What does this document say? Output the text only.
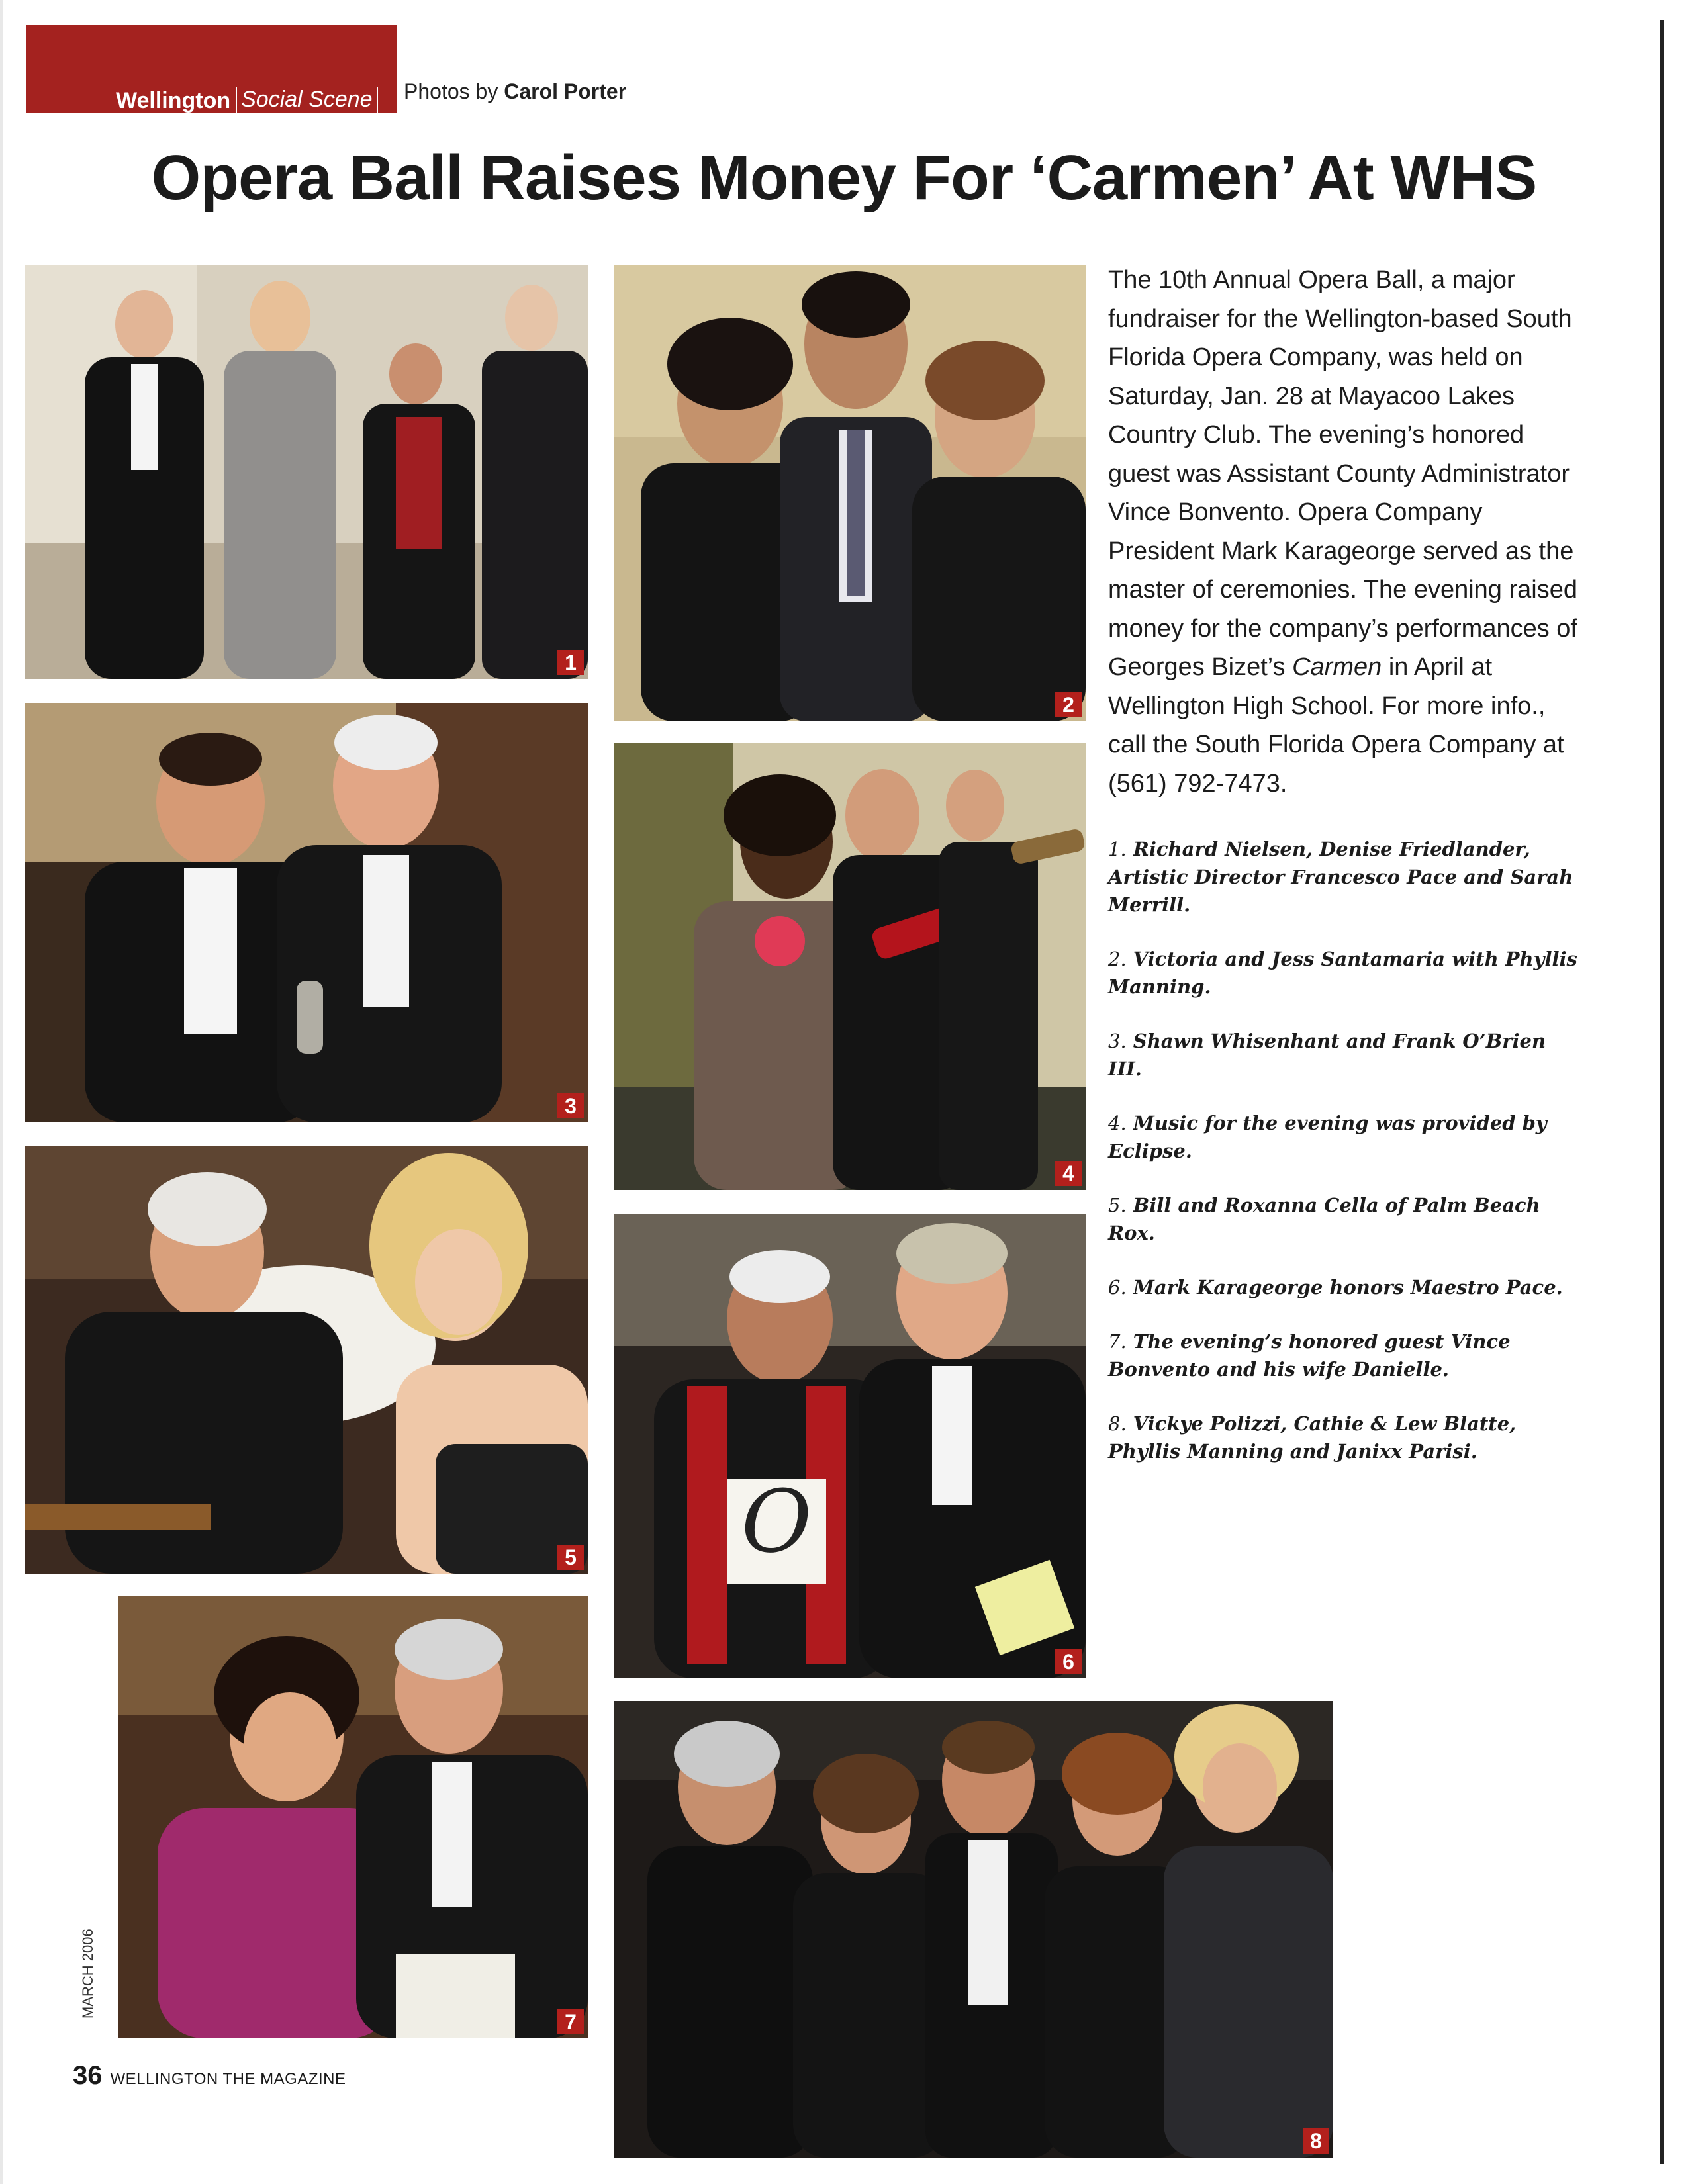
Wellington Social Scene Photos by Carol Porter
Opera Ball Raises Money For ‘Carmen’ At WHS
1
2
3
4
5 O
6
7
8
The 10th Annual Opera Ball, a major fundraiser for the Wellington-based South Florida Opera Company, was held on Saturday, Jan. 28 at Mayacoo Lakes Country Club. The evening’s honored guest was Assistant County Administrator Vince Bonvento. Opera Company President Mark Karageorge served as the master of ceremonies. The evening raised money for the company’s performances of Georges Bizet’s Carmen in April at Wellington High School. For more info., call the South Florida Opera Company at (561) 792-7473.

1. Richard Nielsen, Denise Friedlander, Artistic Director Francesco Pace and Sarah Merrill.

2. Victoria and Jess Santamaria with Phyllis Manning.

3. Shawn Whisenhant and Frank O’Brien III.

4. Music for the evening was provided by Eclipse.

5. Bill and Roxanna Cella of Palm Beach Rox.

6. Mark Karageorge honors Maestro Pace.

7. The evening’s honored guest Vince Bonvento and his wife Danielle.

8. Vickye Polizzi, Cathie & Lew Blatte, Phyllis Manning and Janixx Parisi.

MARCH 2006
36 WELLINGTON THE MAGAZINE
